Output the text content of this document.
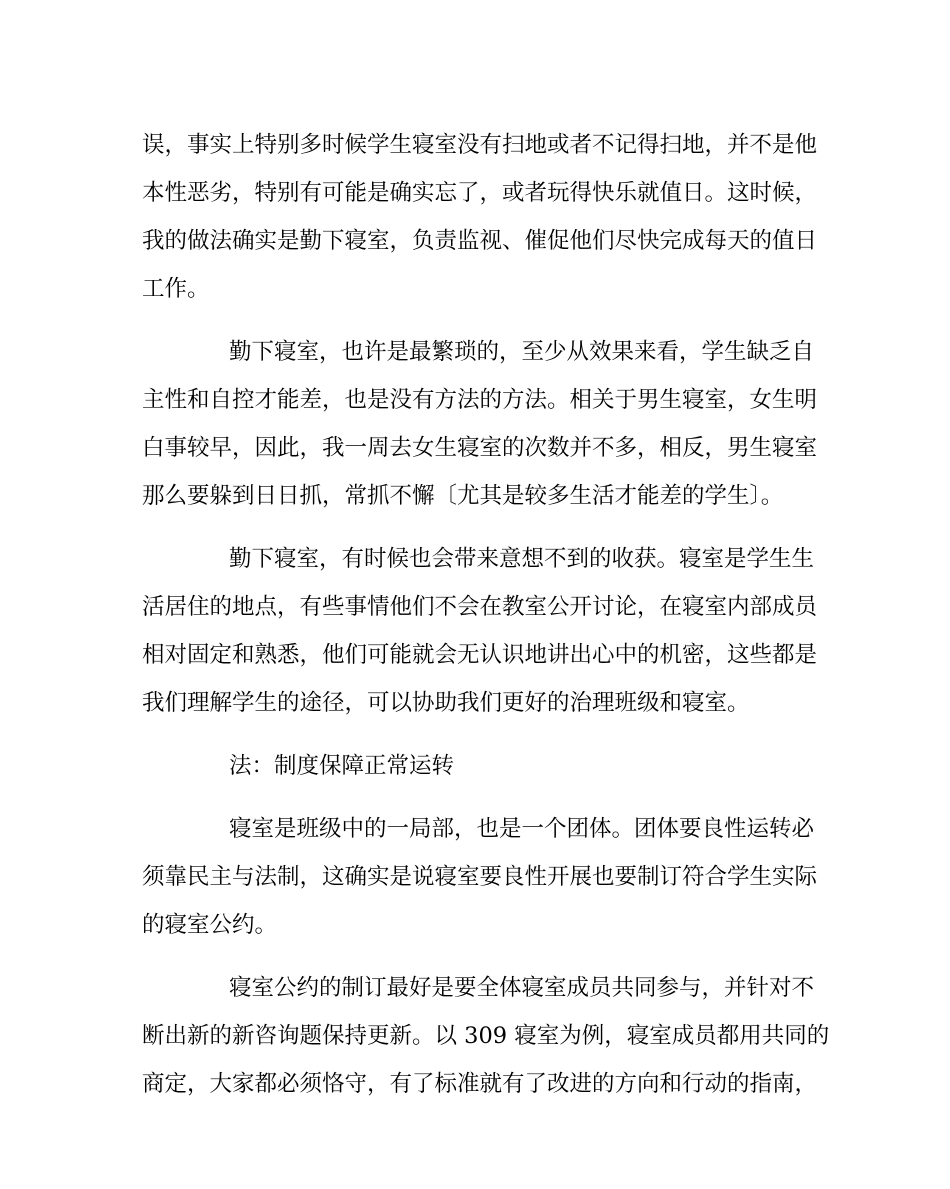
误，事实上特别多时候学生寝室没有扫地或者不记得扫地，并不是他
本性恶劣，特别有可能是确实忘了，或者玩得快乐就值日。这时候，
我的做法确实是勤下寝室，负责监视、催促他们尽快完成每天的值日
工作。
勤下寝室，也许是最繁琐的，至少从效果来看，学生缺乏自
主性和自控才能差，也是没有方法的方法。相关于男生寝室，女生明
白事较早，因此，我一周去女生寝室的次数并不多，相反，男生寝室
那么要躲到日日抓，常抓不懈〔尤其是较多生活才能差的学生〕。
勤下寝室，有时候也会带来意想不到的收获。寝室是学生生
活居住的地点，有些事情他们不会在教室公开讨论，在寝室内部成员
相对固定和熟悉，他们可能就会无认识地讲出心中的机密，这些都是
我们理解学生的途径，可以协助我们更好的治理班级和寝室。
法：制度保障正常运转
寝室是班级中的一局部，也是一个团体。团体要良性运转必
须靠民主与法制，这确实是说寝室要良性开展也要制订符合学生实际
的寝室公约。
寝室公约的制订最好是要全体寝室成员共同参与，并针对不
断出新的新咨询题保持更新。以 309 寝室为例，寝室成员都用共同的
商定，大家都必须恪守，有了标准就有了改进的方向和行动的指南，
